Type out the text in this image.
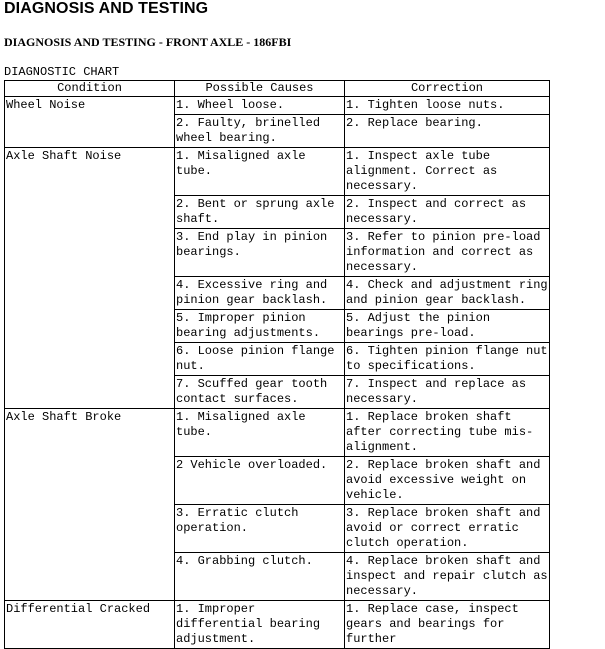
DIAGNOSIS AND TESTING
DIAGNOSIS AND TESTING - FRONT AXLE - 186FBI
DIAGNOSTIC CHART
Condition	Possible Causes	Correction
Wheel Noise	1. Wheel loose.	1. Tighten loose nuts.
	2. Faulty, brinelled wheel bearing.	2. Replace bearing.
Axle Shaft Noise	1. Misaligned axle tube.	1. Inspect axle tube alignment. Correct as necessary.
	2. Bent or sprung axle shaft.	2. Inspect and correct as necessary.
	3. End play in pinion bearings.	3. Refer to pinion pre-load information and correct as necessary.
	4. Excessive ring and pinion gear backlash.	4. Check and adjustment ring and pinion gear backlash.
	5. Improper pinion bearing adjustments.	5. Adjust the pinion bearings pre-load.
	6. Loose pinion flange nut.	6. Tighten pinion flange nut to specifications.
	7. Scuffed gear tooth contact surfaces.	7. Inspect and replace as necessary.
Axle Shaft Broke	1. Misaligned axle tube.	1. Replace broken shaft after correcting tube mis-alignment.
	2 Vehicle overloaded.	2. Replace broken shaft and avoid excessive weight on vehicle.
	3. Erratic clutch operation.	3. Replace broken shaft and avoid or correct erratic clutch operation.
	4. Grabbing clutch.	4. Replace broken shaft and inspect and repair clutch as necessary.
Differential Cracked	1. Improper differential bearing adjustment.	1. Replace case, inspect gears and bearings for further
